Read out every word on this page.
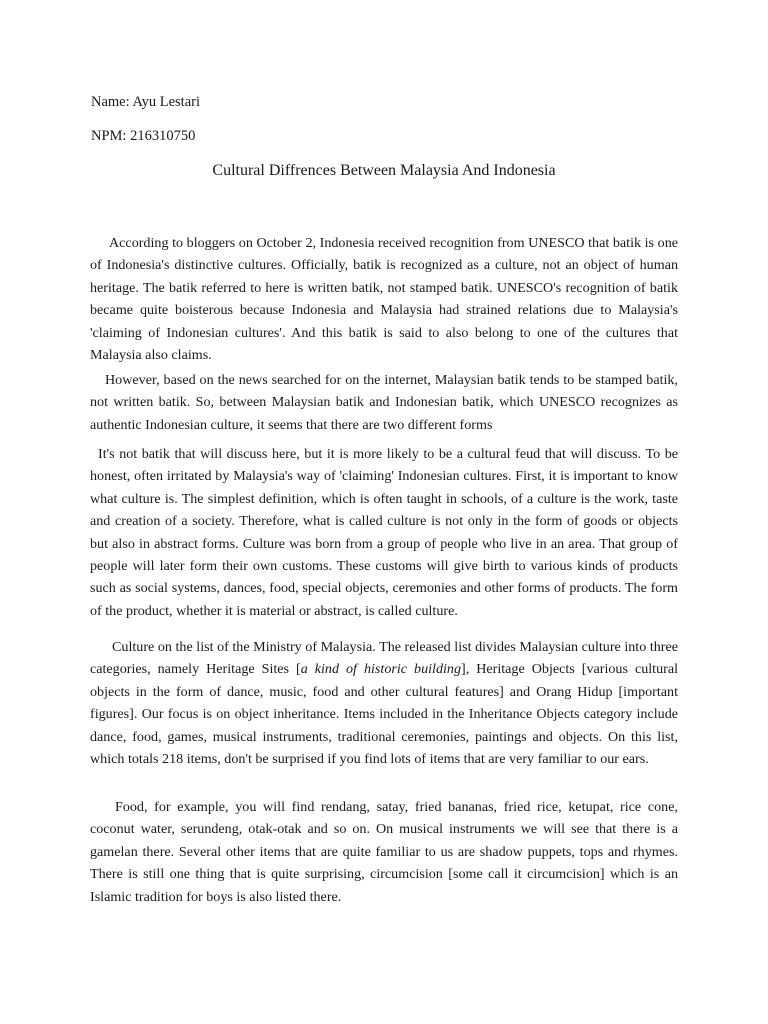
Name: Ayu Lestari
NPM: 216310750
Cultural Diffrences Between Malaysia And Indonesia

According to bloggers on October 2, Indonesia received recognition from UNESCO that batik is one of Indonesia's distinctive cultures. Officially, batik is recognized as a culture, not an object of human heritage. The batik referred to here is written batik, not stamped batik. UNESCO's recognition of batik became quite boisterous because Indonesia and Malaysia had strained relations due to Malaysia's 'claiming of Indonesian cultures'. And this batik is said to also belong to one of the cultures that Malaysia also claims.

However, based on the news searched for on the internet, Malaysian batik tends to be stamped batik, not written batik. So, between Malaysian batik and Indonesian batik, which UNESCO recognizes as authentic Indonesian culture, it seems that there are two different forms

It's not batik that will discuss here, but it is more likely to be a cultural feud that will discuss. To be honest, often irritated by Malaysia's way of 'claiming' Indonesian cultures. First, it is important to know what culture is. The simplest definition, which is often taught in schools, of a culture is the work, taste and creation of a society. Therefore, what is called culture is not only in the form of goods or objects but also in abstract forms. Culture was born from a group of people who live in an area. That group of people will later form their own customs. These customs will give birth to various kinds of products such as social systems, dances, food, special objects, ceremonies and other forms of products. The form of the product, whether it is material or abstract, is called culture.

Culture on the list of the Ministry of Malaysia. The released list divides Malaysian culture into three categories, namely Heritage Sites [a kind of historic building], Heritage Objects [various cultural objects in the form of dance, music, food and other cultural features] and Orang Hidup [important figures]. Our focus is on object inheritance. Items included in the Inheritance Objects category include dance, food, games, musical instruments, traditional ceremonies, paintings and objects. On this list, which totals 218 items, don't be surprised if you find lots of items that are very familiar to our ears.

Food, for example, you will find rendang, satay, fried bananas, fried rice, ketupat, rice cone, coconut water, serundeng, otak-otak and so on. On musical instruments we will see that there is a gamelan there. Several other items that are quite familiar to us are shadow puppets, tops and rhymes. There is still one thing that is quite surprising, circumcision [some call it circumcision] which is an Islamic tradition for boys is also listed there.
